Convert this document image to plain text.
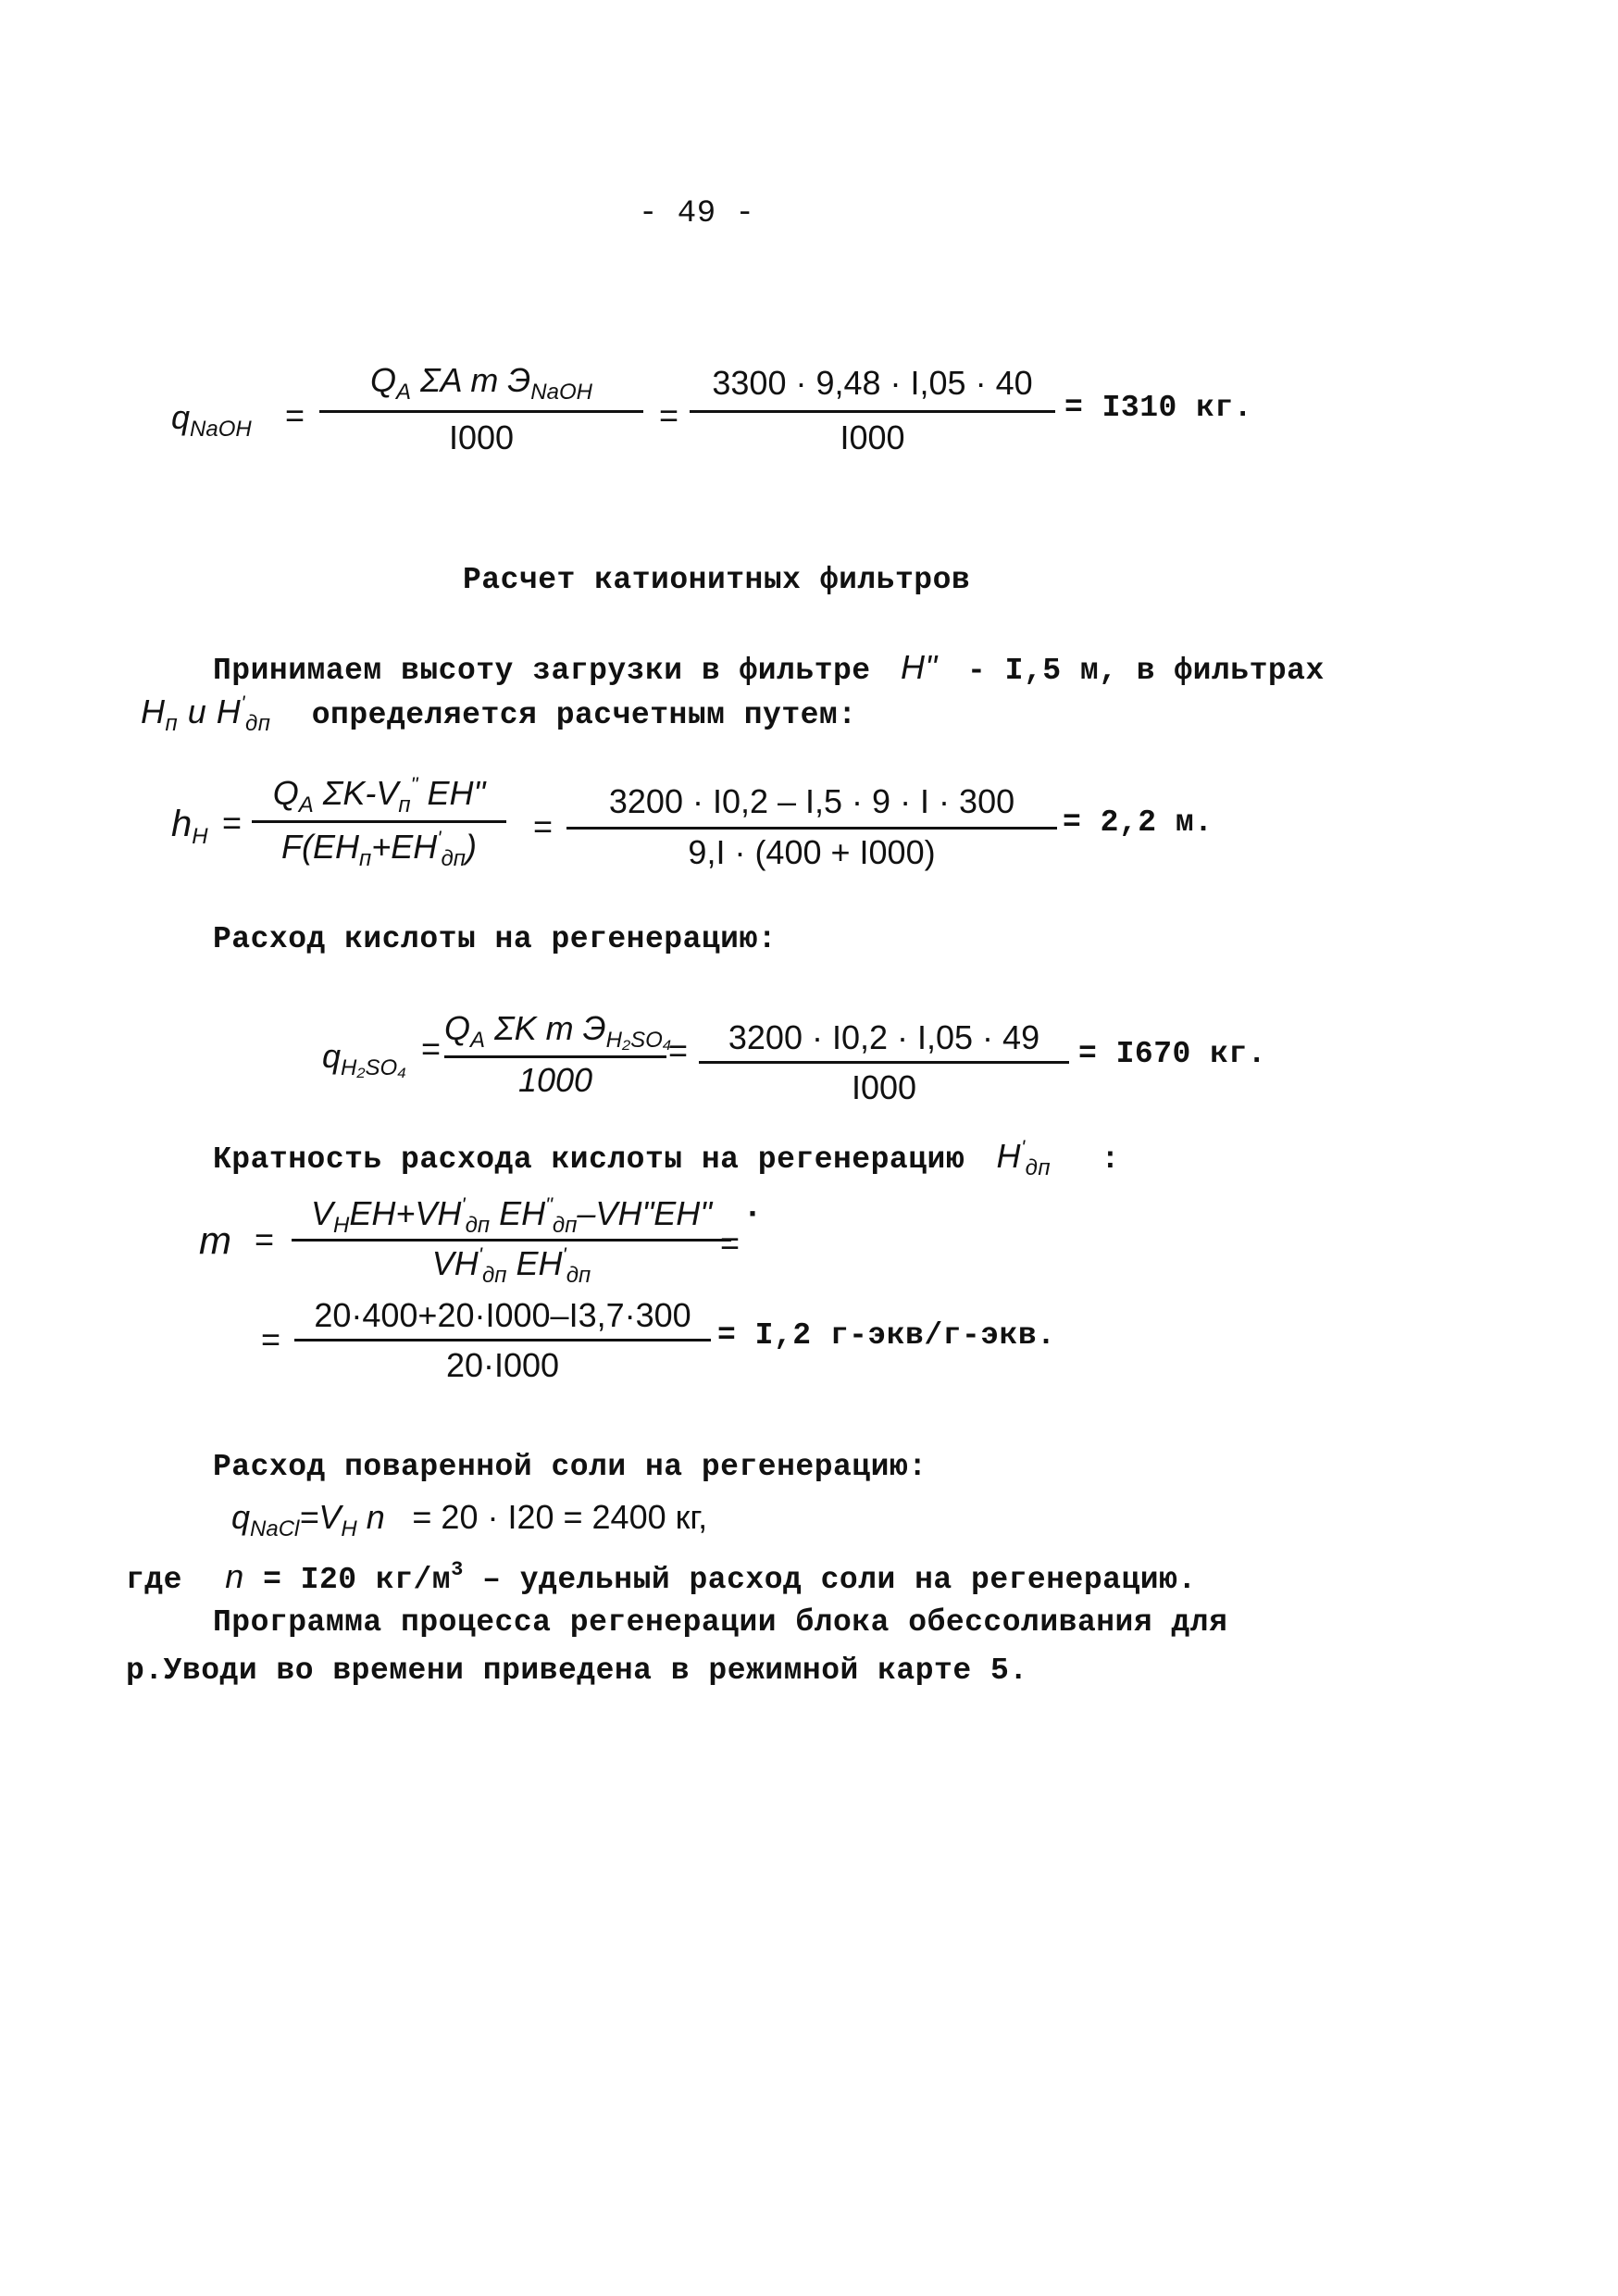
- 49 -
$q_{NaOH}$ =
$Q_A$ ΣA m $Э_{NaOH}$
I000
=
3300 · 9,48 · I,05 · 40
I000
= I310 кг.
Расчет катионитных фильтров
Принимаем высоту загрузки в фильтре H" - I,5 м, в фильтрах
$H_п$ и $H'_{дп}$ определяется расчетным путем:
$h_H$ =
$Q_A$ $\Sigma K-V_п^"$ EH"
$F(EH_п+EH'_{дп})$
=
3200 · I0,2 – I,5 · 9 · I · 300
9,I · (400 + I000)
= 2,2 м.
Расход кислоты на регенерацию:
$q_{H_2SO_4}$
=
$Q_A$ ΣK m $Э_{H_2SO_4}$
1000
=	3200 · I0,2 · I,05 · 49
I000
= I670 кг.
Кратность расхода кислоты на регенерацию $H'_{дп}$ :
m =
$V_HEH+VH'_{дп}$ $EH^"_{дп}-VH"EH$"
$VH'_{дп}$ $EH'_{дп}$
=
·
=
20·400+20·I000–I3,7·300
20·I000
= I,2 г-экв/г-экв.
Расход поваренной соли на регенерацию:
$q_{NaCl}=V_H$ n = 20 · I20 = 2400 кг,
где n = I20 $кг/м^3$ – удельный расход соли на регенерацию.
Программа процесса регенерации блока обессоливания для
р.Уводи во времени приведена в режимной карте 5.
